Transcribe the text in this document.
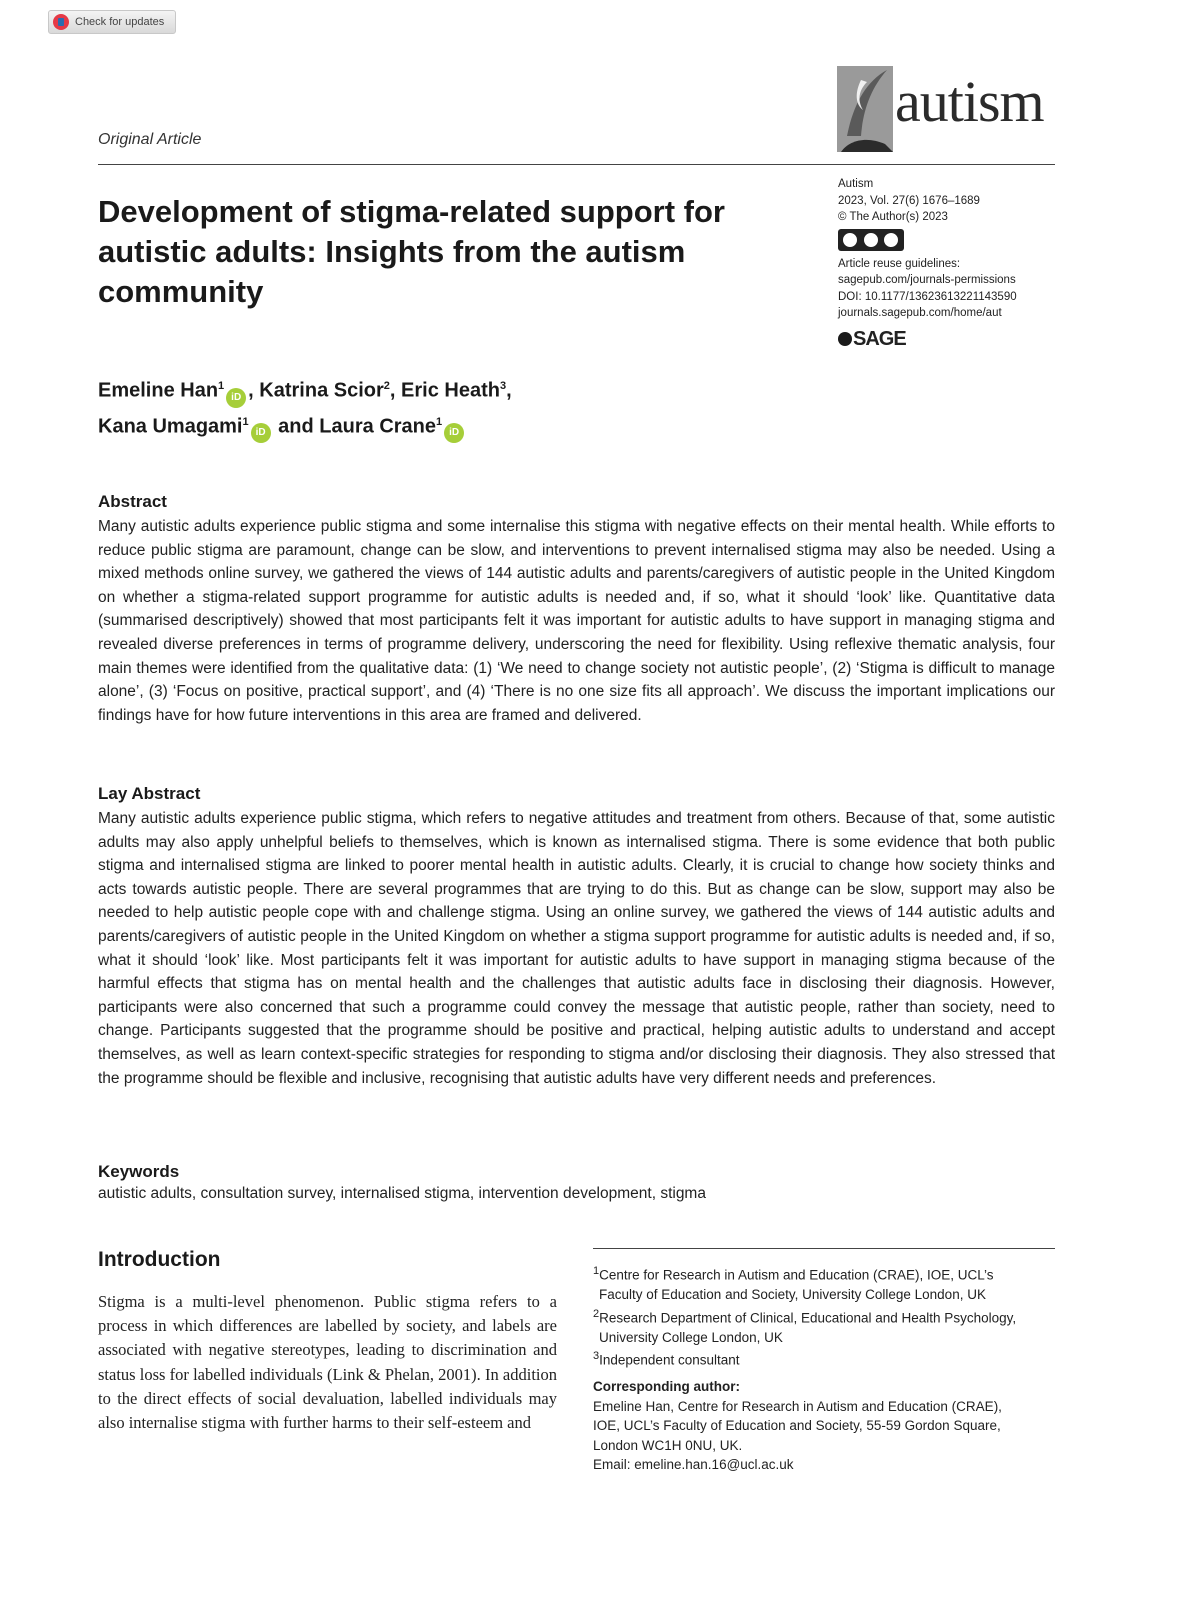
Check for updates
Original Article
autism
Development of stigma-related support for autistic adults: Insights from the autism community
Autism
2023, Vol. 27(6) 1676–1689
© The Author(s) 2023
Article reuse guidelines:
sagepub.com/journals-permissions
DOI: 10.1177/13623613221143590
journals.sagepub.com/home/aut
SAGE
Emeline Han$^1$iD , Katrina Scior$^2$, Eric Heath$^3$,
Kana Umagami$^1$iD and Laura Crane$^1$iD
Abstract
Many autistic adults experience public stigma and some internalise this stigma with negative effects on their mental health. While efforts to reduce public stigma are paramount, change can be slow, and interventions to prevent internalised stigma may also be needed. Using a mixed methods online survey, we gathered the views of 144 autistic adults and parents/caregivers of autistic people in the United Kingdom on whether a stigma-related support programme for autistic adults is needed and, if so, what it should ‘look’ like. Quantitative data (summarised descriptively) showed that most participants felt it was important for autistic adults to have support in managing stigma and revealed diverse preferences in terms of programme delivery, underscoring the need for flexibility. Using reflexive thematic analysis, four main themes were identified from the qualitative data: (1) ‘We need to change society not autistic people’, (2) ‘Stigma is difficult to manage alone’, (3) ‘Focus on positive, practical support’, and (4) ‘There is no one size fits all approach’. We discuss the important implications our findings have for how future interventions in this area are framed and delivered.
Lay Abstract
Many autistic adults experience public stigma, which refers to negative attitudes and treatment from others. Because of that, some autistic adults may also apply unhelpful beliefs to themselves, which is known as internalised stigma. There is some evidence that both public stigma and internalised stigma are linked to poorer mental health in autistic adults. Clearly, it is crucial to change how society thinks and acts towards autistic people. There are several programmes that are trying to do this. But as change can be slow, support may also be needed to help autistic people cope with and challenge stigma. Using an online survey, we gathered the views of 144 autistic adults and parents/caregivers of autistic people in the United Kingdom on whether a stigma support programme for autistic adults is needed and, if so, what it should ‘look’ like. Most participants felt it was important for autistic adults to have support in managing stigma because of the harmful effects that stigma has on mental health and the challenges that autistic adults face in disclosing their diagnosis. However, participants were also concerned that such a programme could convey the message that autistic people, rather than society, need to change. Participants suggested that the programme should be positive and practical, helping autistic adults to understand and accept themselves, as well as learn context-specific strategies for responding to stigma and/or disclosing their diagnosis. They also stressed that the programme should be flexible and inclusive, recognising that autistic adults have very different needs and preferences.
Keywords
autistic adults, consultation survey, internalised stigma, intervention development, stigma
Introduction
Stigma is a multi-level phenomenon. Public stigma refers to a process in which differences are labelled by society, and labels are associated with negative stereotypes, leading to discrimination and status loss for labelled individuals (Link & Phelan, 2001). In addition to the direct effects of social devaluation, labelled individuals may also internalise stigma with further harms to their self-esteem and
$^1$Centre for Research in Autism and Education (CRAE), IOE, UCL’s
Faculty of Education and Society, University College London, UK
$^2$Research Department of Clinical, Educational and Health Psychology,
University College London, UK
$^3$Independent consultant
Corresponding author:
Emeline Han, Centre for Research in Autism and Education (CRAE),
IOE, UCL’s Faculty of Education and Society, 55-59 Gordon Square,
London WC1H 0NU, UK.
Email: emeline.han.16@ucl.ac.uk
